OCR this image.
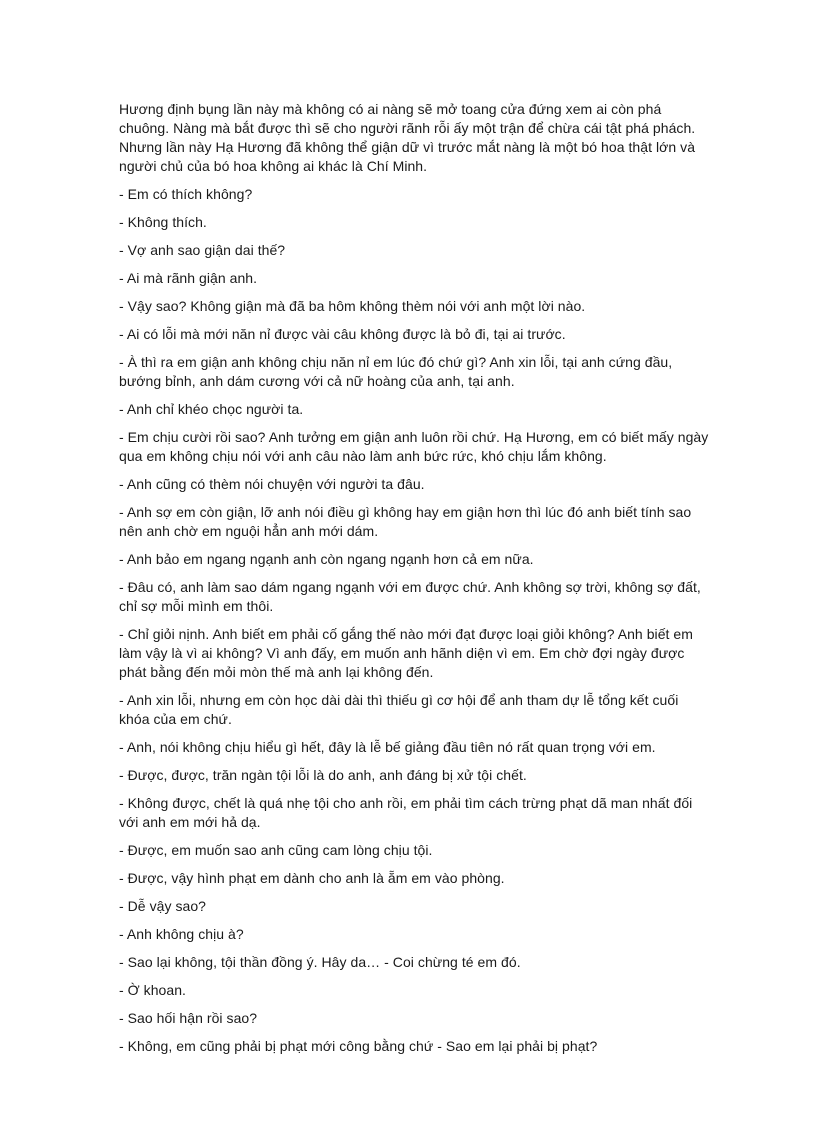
Hương định bụng lần này mà không có ai nàng sẽ mở toang cửa đứng xem ai còn phá chuông. Nàng mà bắt được thì sẽ cho người rãnh rỗi ấy một trận để chừa cái tật phá phách. Nhưng lần này Hạ Hương đã không thể giận dữ vì trước mắt nàng là một bó hoa thật lớn và người chủ của bó hoa không ai khác là Chí Minh.

- Em có thích không?

- Không thích.

- Vợ anh sao giận dai thế?

- Ai mà rãnh giận anh.

- Vậy sao? Không giận mà đã ba hôm không thèm nói với anh một lời nào.

- Ai có lỗi mà mới năn nỉ được vài câu không được là bỏ đi, tại ai trước.

- À thì ra em giận anh không chịu năn nỉ em lúc đó chứ gì? Anh xin lỗi, tại anh cứng đầu, bướng bỉnh, anh dám cương với cả nữ hoàng của anh, tại anh.

- Anh chỉ khéo chọc người ta.

- Em chịu cười rồi sao? Anh tưởng em giận anh luôn rồi chứ. Hạ Hương, em có biết mấy ngày qua em không chịu nói với anh câu nào làm anh bức rức, khó chịu lắm không.

- Anh cũng có thèm nói chuyện với người ta đâu.

- Anh sợ em còn giận, lỡ anh nói điều gì không hay em giận hơn thì lúc đó anh biết tính sao nên anh chờ em nguội hẳn anh mới dám.

- Anh bảo em ngang ngạnh anh còn ngang ngạnh hơn cả em nữa.

- Đâu có, anh làm sao dám ngang ngạnh với em được chứ. Anh không sợ trời, không sợ đất, chỉ sợ mỗi mình em thôi.

- Chỉ giỏi nịnh. Anh biết em phải cố gắng thế nào mới đạt được loại giỏi không? Anh biết em làm vậy là vì ai không? Vì anh đấy, em muốn anh hãnh diện vì em. Em chờ đợi ngày được phát bằng đến mỏi mòn thế mà anh lại không đến.

- Anh xin lỗi, nhưng em còn học dài dài thì thiếu gì cơ hội để anh tham dự lễ tổng kết cuối khóa của em chứ.

- Anh, nói không chịu hiểu gì hết, đây là lễ bế giảng đầu tiên nó rất quan trọng với em.

- Được, được, trăn ngàn tội lỗi là do anh, anh đáng bị xử tội chết.

- Không được, chết là quá nhẹ tội cho anh rồi, em phải tìm cách trừng phạt dã man nhất đối với anh em mới hả dạ.

- Được, em muốn sao anh cũng cam lòng chịu tội.

- Được, vậy hình phạt em dành cho anh là ẵm em vào phòng.

- Dễ vậy sao?

- Anh không chịu à?

- Sao lại không, tội thần đồng ý. Hây da… - Coi chừng té em đó.

- Ờ khoan.

- Sao hối hận rồi sao?

- Không, em cũng phải bị phạt mới công bằng chứ - Sao em lại phải bị phạt?
